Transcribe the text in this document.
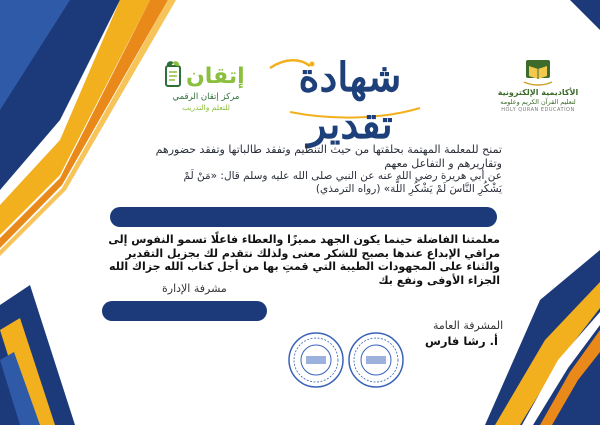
إتقان
مركز إتقان الرقمي
للتعلم والتدريب
شهادة تقدير
الأكاديمية الإلكترونية
لتعليم القرآن الكريم وعلومه
HOLY QURAN EDUCATION
تمنح للمعلمة المهتمة بحلقتها من حيث التنظيم وتفقد طالباتها وتفقد حضورهم وتقاريرهم و التفاعل معهم
عن أبي هريرة رضي الله عنه عن النبي صلى الله عليه وسلم قال: «مَنْ لَمْ
يَشْكُرِ النَّاسَ لَمْ يَشْكُرِ اللَّهَ» (رواه الترمذي)
معلمتنا الفاضلة حينما يكون الجهد مميزًا والعطاء فاعلًا تسمو النفوس إلى مراقي الإبداع عندها يصبح للشكر معنى ولذلك نتقدم لك بجزيل التقدير والثناء على المجهودات الطيبة التي قمتِ بها من أجل كتاب الله جزاك الله الجزاء الأوفى ونفع بك
مشرفة الإدارة
المشرفة العامة
أ. رشا فارس
